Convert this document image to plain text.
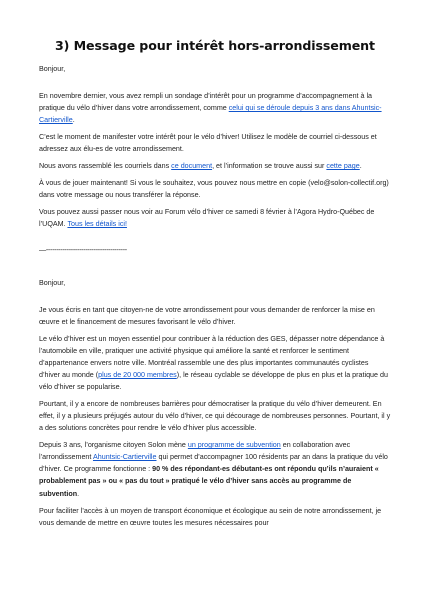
3) Message pour intérêt hors-arrondissement

Bonjour,

En novembre dernier, vous avez rempli un sondage d’intérêt pour un programme d’accompagnement à la pratique du vélo d’hiver dans votre arrondissement, comme celui qui se déroule depuis 3 ans dans Ahuntsic-Cartierville.

C’est le moment de manifester votre intérêt pour le vélo d’hiver! Utilisez le modèle de courriel ci-dessous et adressez aux élu-es de votre arrondissement.

Nous avons rassemblé les courriels dans ce document, et l’information se trouve aussi sur cette page.

À vous de jouer maintenant! Si vous le souhaitez, vous pouvez nous mettre en copie (velo@solon-collectif.org) dans votre message ou nous transférer la réponse.

Vous pouvez aussi passer nous voir au Forum vélo d’hiver ce samedi 8 février à l’Agora Hydro-Québec de l’UQAM. Tous les détails ici!

—---------------------------------------

Bonjour,

Je vous écris en tant que citoyen-ne de votre arrondissement pour vous demander de renforcer la mise en œuvre et le financement de mesures favorisant le vélo d’hiver.

Le vélo d’hiver est un moyen essentiel pour contribuer à la réduction des GES, dépasser notre dépendance à l’automobile en ville, pratiquer une activité physique qui améliore la santé et renforcer le sentiment d’appartenance envers notre ville. Montréal rassemble une des plus importantes communautés cyclistes d’hiver au monde (plus de 20 000 membres), le réseau cyclable se développe de plus en plus et la pratique du vélo d’hiver se popularise.

Pourtant, il y a encore de nombreuses barrières pour démocratiser la pratique du vélo d’hiver demeurent. En effet, il y a plusieurs préjugés autour du vélo d’hiver, ce qui décourage de nombreuses personnes. Pourtant, il y a des solutions concrètes pour rendre le vélo d’hiver plus accessible.

Depuis 3 ans, l’organisme citoyen Solon mène un programme de subvention en collaboration avec l’arrondissement Ahuntsic-Cartierville qui permet d’accompagner 100 résidents par an dans la pratique du vélo d’hiver. Ce programme fonctionne : 90 % des répondant-es débutant-es ont répondu qu’ils n’auraient « probablement pas » ou « pas du tout » pratiqué le vélo d’hiver sans accès au programme de subvention.

Pour faciliter l’accès à un moyen de transport économique et écologique au sein de notre arrondissement, je vous demande de mettre en œuvre toutes les mesures nécessaires pour
